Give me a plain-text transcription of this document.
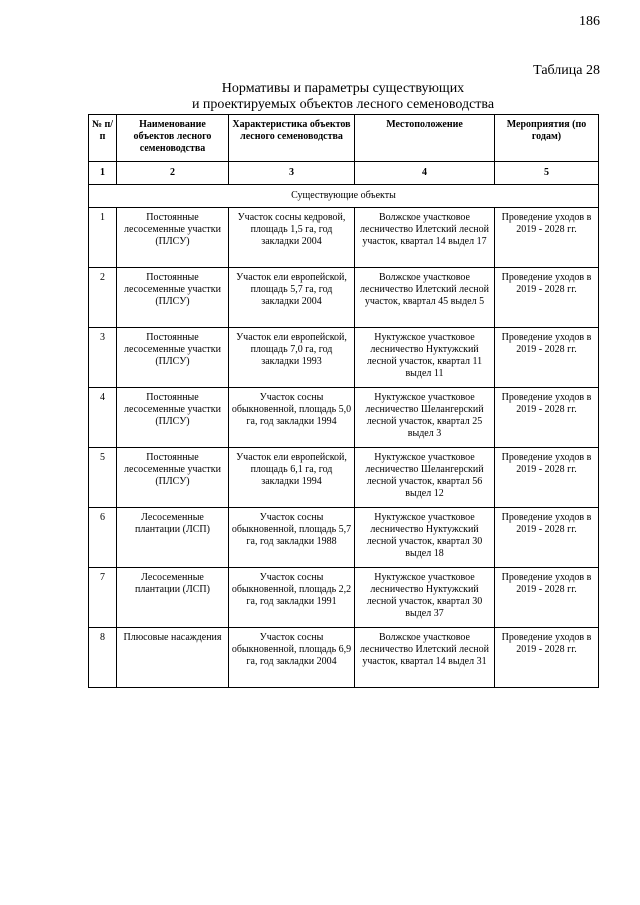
186
Таблица 28
Нормативы и параметры существующих
и проектируемых объектов лесного семеноводства
№ п/п	Наименование объектов лесного семеноводства	Характеристика объектов лесного семеноводства	Местоположение	Мероприятия (по годам)
1	2	3	4	5
Существующие объекты				
1	Постоянные лесосеменные участки (ПЛСУ)	Участок сосны кедровой, площадь 1,5 га, год закладки 2004	Волжское участковое лесничество Илетский лесной участок, квартал 14 выдел 17	Проведение уходов в 2019 - 2028 гг.
2	Постоянные лесосеменные участки (ПЛСУ)	Участок ели европейской, площадь 5,7 га, год закладки 2004	Волжское участковое лесничество Илетский лесной участок, квартал 45 выдел 5	Проведение уходов в 2019 - 2028 гг.
3	Постоянные лесосеменные участки (ПЛСУ)	Участок ели европейской, площадь 7,0 га, год закладки 1993	Нуктужское участковое лесничество Нуктужский лесной участок, квартал 11 выдел 11	Проведение уходов в 2019 - 2028 гг.
4	Постоянные лесосеменные участки (ПЛСУ)	Участок сосны обыкновенной, площадь 5,0 га, год закладки 1994	Нуктужское участковое лесничество Шелангерский лесной участок, квартал 25 выдел 3	Проведение уходов в 2019 - 2028 гг.
5	Постоянные лесосеменные участки (ПЛСУ)	Участок ели европейской, площадь 6,1 га, год закладки 1994	Нуктужское участковое лесничество Шелангерский лесной участок, квартал 56 выдел 12	Проведение уходов в 2019 - 2028 гг.
6	Лесосеменные плантации (ЛСП)	Участок сосны обыкновенной, площадь 5,7 га, год закладки 1988	Нуктужское участковое лесничество Нуктужский лесной участок, квартал 30 выдел 18	Проведение уходов в 2019 - 2028 гг.
7	Лесосеменные плантации (ЛСП)	Участок сосны обыкновенной, площадь 2,2 га, год закладки 1991	Нуктужское участковое лесничество Нуктужский лесной участок, квартал 30 выдел 37	Проведение уходов в 2019 - 2028 гг.
8	Плюсовые насаждения	Участок сосны обыкновенной, площадь 6,9 га, год закладки 2004	Волжское участковое лесничество Илетский лесной участок, квартал 14 выдел 31	Проведение уходов в 2019 - 2028 гг.
